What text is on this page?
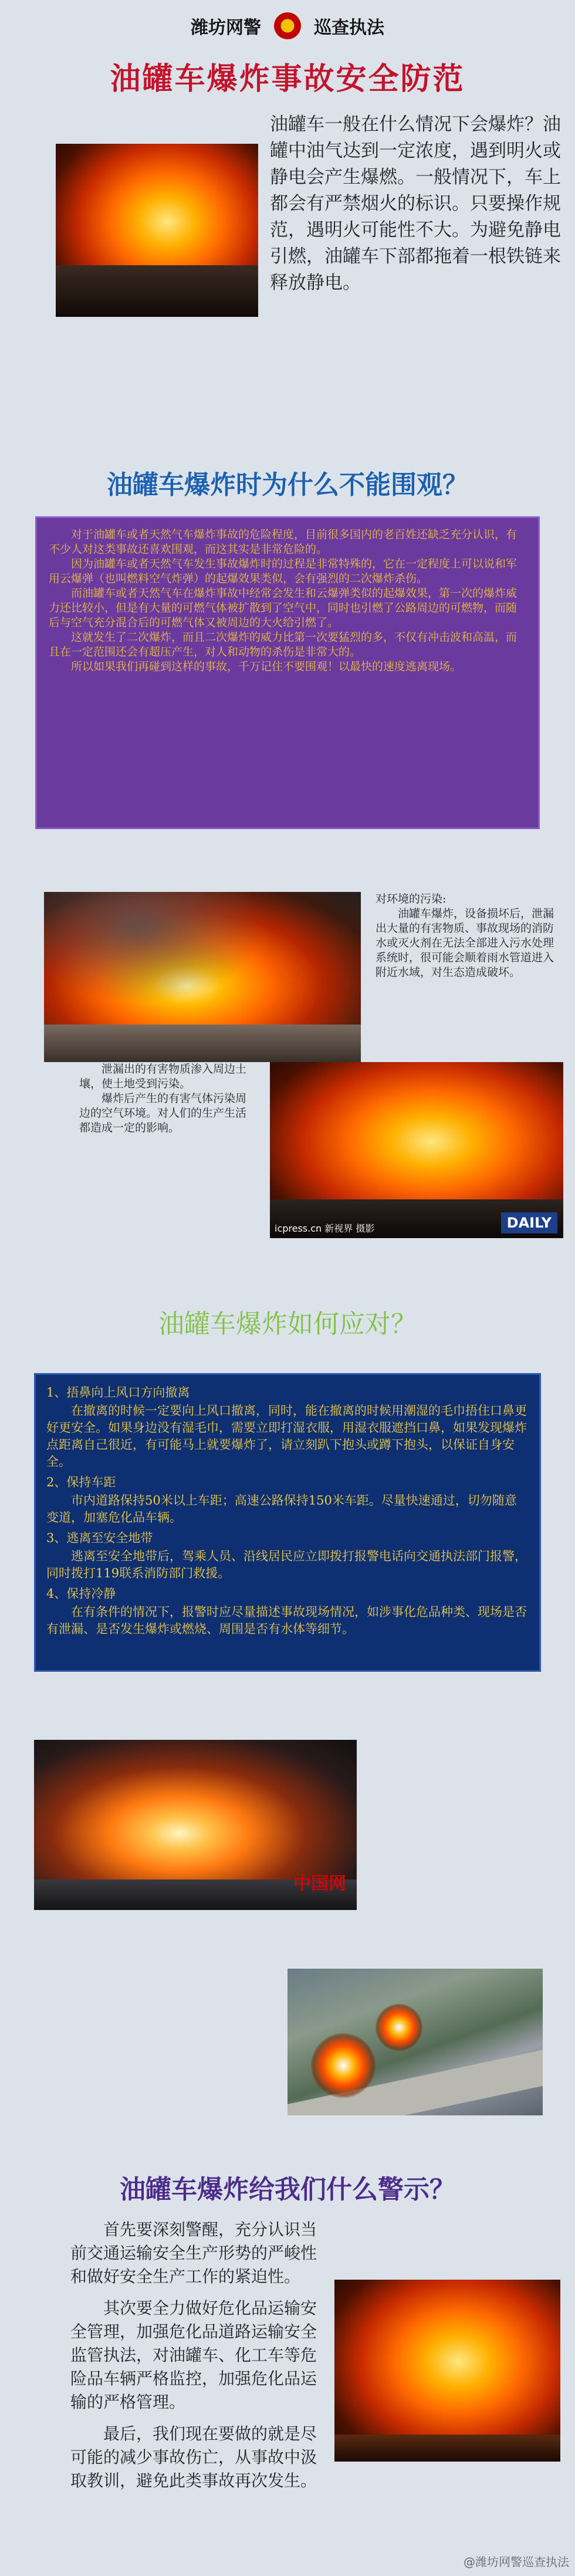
潍坊网警	巡查执法
油罐车爆炸事故安全防范
油罐车一般在什么情况下会爆炸？油罐中油气达到一定浓度，遇到明火或静电会产生爆燃。一般情况下，车上都会有严禁烟火的标识。只要操作规范，遇明火可能性不大。为避免静电引燃，油罐车下部都拖着一根铁链来释放静电。
油罐车爆炸时为什么不能围观？

对于油罐车或者天然气车爆炸事故的危险程度，目前很多国内的老百姓还缺乏充分认识，有不少人对这类事故还喜欢围观，而这其实是非常危险的。

因为油罐车或者天然气车发生事故爆炸时的过程是非常特殊的，它在一定程度上可以说和军用云爆弹（也叫燃料空气炸弹）的起爆效果类似，会有强烈的二次爆炸杀伤。

而油罐车或者天然气车在爆炸事故中经常会发生和云爆弹类似的起爆效果，第一次的爆炸威力还比较小，但是有大量的可燃气体被扩散到了空气中，同时也引燃了公路周边的可燃物，而随后与空气充分混合后的可燃气体又被周边的大火给引燃了。

这就发生了二次爆炸，而且二次爆炸的威力比第一次要猛烈的多，不仅有冲击波和高温，而且在一定范围还会有超压产生，对人和动物的杀伤是非常大的。

所以如果我们再碰到这样的事故，千万记住不要围观！以最快的速度逃离现场。

对环境的污染:

油罐车爆炸，设备损坏后，泄漏出大量的有害物质、事故现场的消防水或灭火剂在无法全部进入污水处理系统时，很可能会顺着雨水管道进入附近水域，对生态造成破坏。

icpress.cn 新视界 摄影	DAILY

泄漏出的有害物质渗入周边土壤，使土地受到污染。

爆炸后产生的有害气体污染周边的空气环境。对人们的生产生活都造成一定的影响。

油罐车爆炸如何应对？
1、捂鼻向上风口方向撤离
在撤离的时候一定要向上风口撤离，同时，能在撤离的时候用潮湿的毛巾捂住口鼻更好更安全。如果身边没有湿毛巾，需要立即打湿衣服，用湿衣服遮挡口鼻，如果发现爆炸点距离自己很近，有可能马上就要爆炸了，请立刻趴下抱头或蹲下抱头，以保证自身安全。
2、保持车距
市内道路保持50米以上车距；高速公路保持150米车距。尽量快速通过，切勿随意变道，加塞危化品车辆。
3、逃离至安全地带
逃离至安全地带后，驾乘人员、沿线居民应立即拨打报警电话向交通执法部门报警，同时拨打119联系消防部门救援。
4、保持冷静
在有条件的情况下，报警时应尽量描述事故现场情况，如涉事化危品种类、现场是否有泄漏、是否发生爆炸或燃烧、周围是否有水体等细节。
中国网
油罐车爆炸给我们什么警示？

首先要深刻警醒，充分认识当前交通运输安全生产形势的严峻性和做好安全生产工作的紧迫性。

其次要全力做好危化品运输安全管理，加强危化品道路运输安全监管执法，对油罐车、化工车等危险品车辆严格监控，加强危化品运输的严格管理。

最后，我们现在要做的就是尽可能的减少事故伤亡，从事故中汲取教训，避免此类事故再次发生。

@潍坊网警巡查执法
